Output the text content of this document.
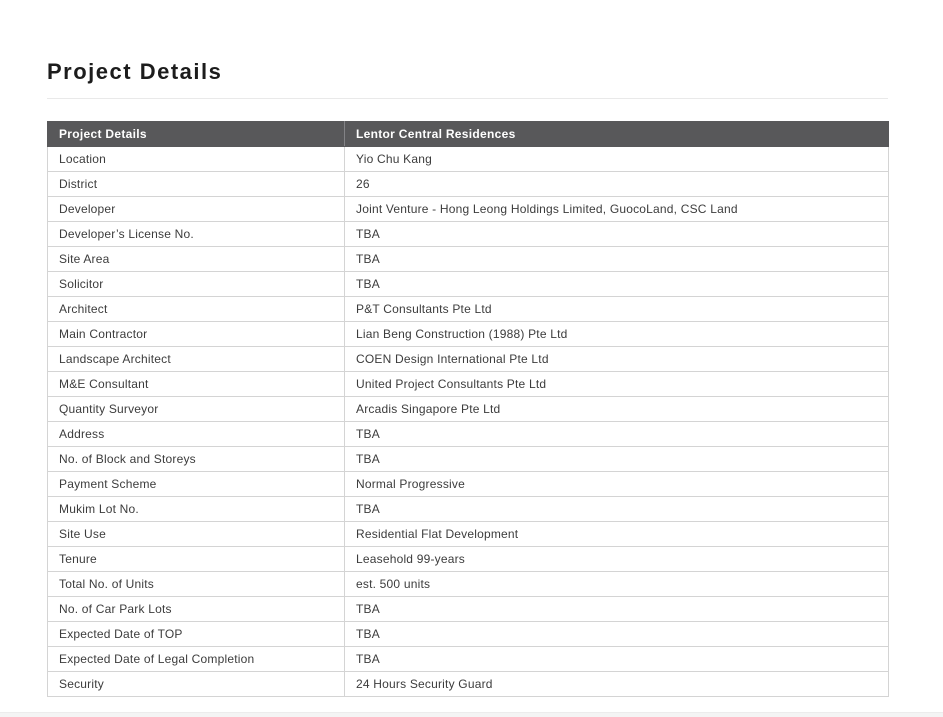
Project Details
Project Details	Lentor Central Residences
Location	Yio Chu Kang
District	26
Developer	Joint Venture - Hong Leong Holdings Limited, GuocoLand, CSC Land
Developer’s License No.	TBA
Site Area	TBA
Solicitor	TBA
Architect	P&T Consultants Pte Ltd
Main Contractor	Lian Beng Construction (1988) Pte Ltd
Landscape Architect	COEN Design International Pte Ltd
M&E Consultant	United Project Consultants Pte Ltd
Quantity Surveyor	Arcadis Singapore Pte Ltd
Address	TBA
No. of Block and Storeys	TBA
Payment Scheme	Normal Progressive
Mukim Lot No.	TBA
Site Use	Residential Flat Development
Tenure	Leasehold 99-years
Total No. of Units	est. 500 units
No. of Car Park Lots	TBA
Expected Date of TOP	TBA
Expected Date of Legal Completion	TBA
Security	24 Hours Security Guard
